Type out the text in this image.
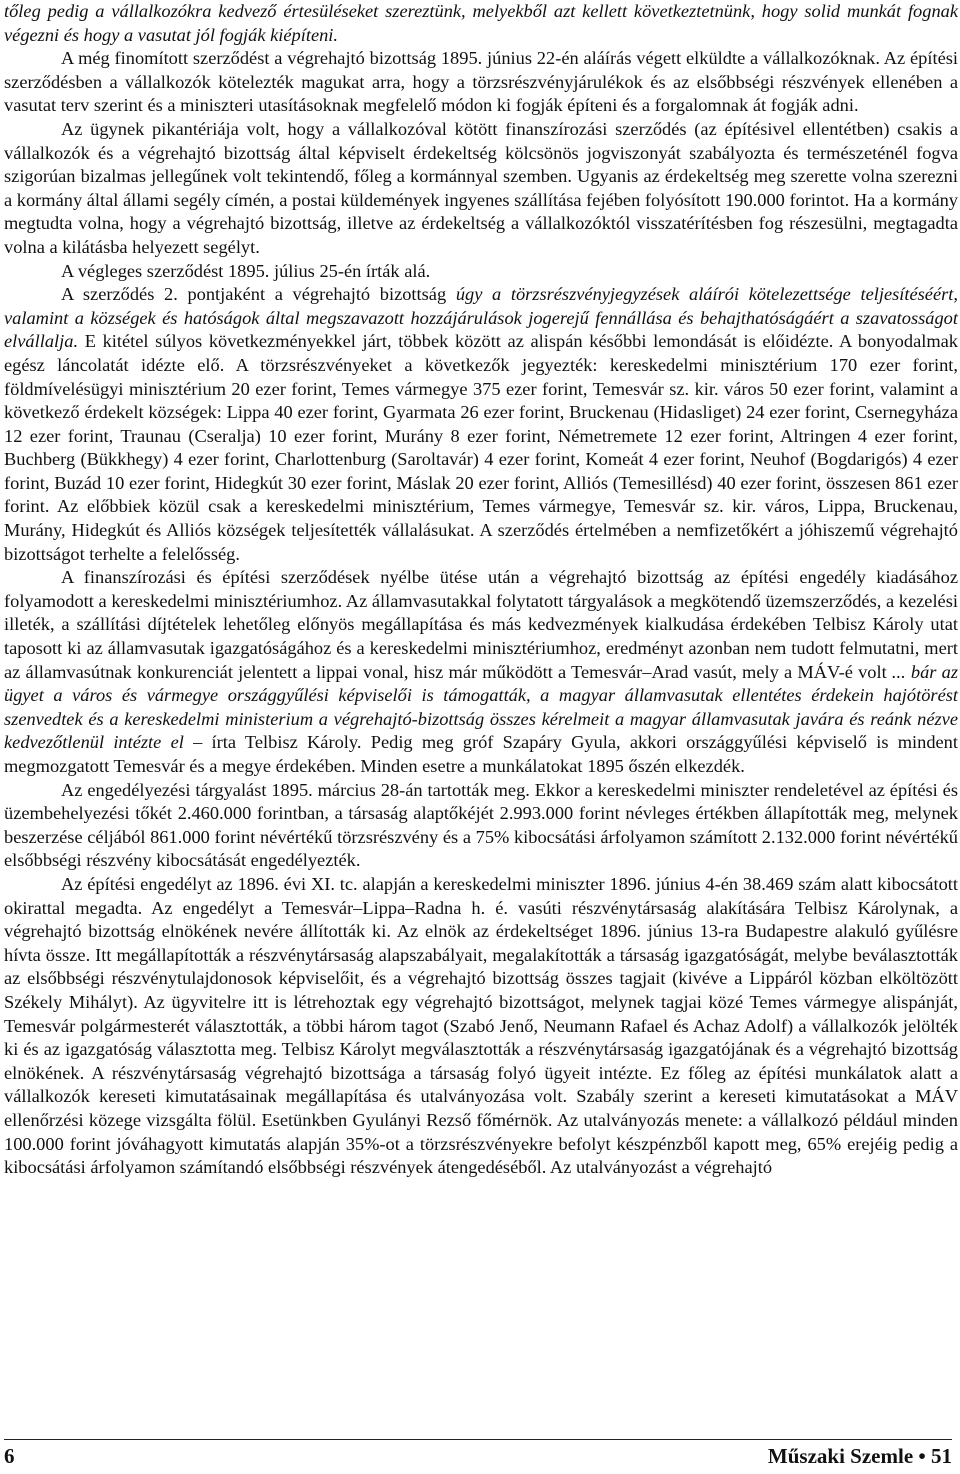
tőleg pedig a vállalkozókra kedvező értesüléseket szereztünk, melyekből azt kellett következtetnünk, hogy solid munkát fognak végezni és hogy a vasutat jól fogják kiépíteni.

A még finomított szerződést a végrehajtó bizottság 1895. június 22-én aláírás végett elküldte a vállalkozóknak. Az építési szerződésben a vállalkozók kötelezték magukat arra, hogy a törzsrészvényjárulékok és az elsőbbségi részvények ellenében a vasutat terv szerint és a miniszteri utasításoknak megfelelő módon ki fogják építeni és a forgalomnak át fogják adni.

Az ügynek pikantériája volt, hogy a vállalkozóval kötött finanszírozási szerződés (az építésivel ellentétben) csakis a vállalkozók és a végrehajtó bizottság által képviselt érdekeltség kölcsönös jogviszonyát szabályozta és természeténél fogva szigorúan bizalmas jellegűnek volt tekintendő, főleg a kormánnyal szemben. Ugyanis az érdekeltség meg szerette volna szerezni a kormány által állami segély címén, a postai küldemények ingyenes szállítása fejében folyósított 190.000 forintot. Ha a kormány megtudta volna, hogy a végrehajtó bizottság, illetve az érdekeltség a vállalkozóktól visszatérítésben fog részesülni, megtagadta volna a kilátásba helyezett segélyt.

A végleges szerződést 1895. július 25-én írták alá.

A szerződés 2. pontjaként a végrehajtó bizottság úgy a törzsrészvényjegyzések aláírói kötelezettsége teljesítéséért, valamint a községek és hatóságok által megszavazott hozzájárulások jogerejű fennállása és behajthatóságáért a szavatosságot elvállalja. E kitétel súlyos következményekkel járt, többek között az alispán későbbi lemondását is előidézte. A bonyodalmak egész láncolatát idézte elő. A törzsrészvényeket a következők jegyezték: kereskedelmi minisztérium 170 ezer forint, földmívelésügyi minisztérium 20 ezer forint, Temes vármegye 375 ezer forint, Temesvár sz. kir. város 50 ezer forint, valamint a következő érdekelt községek: Lippa 40 ezer forint, Gyarmata 26 ezer forint, Bruckenau (Hidasliget) 24 ezer forint, Csernegyháza 12 ezer forint, Traunau (Cseralja) 10 ezer forint, Murány 8 ezer forint, Németremete 12 ezer forint, Altringen 4 ezer forint, Buchberg (Bükkhegy) 4 ezer forint, Charlottenburg (Saroltavár) 4 ezer forint, Komeát 4 ezer forint, Neuhof (Bogdarigós) 4 ezer forint, Buzád 10 ezer forint, Hidegkút 30 ezer forint, Máslak 20 ezer forint, Alliós (Temesillésd) 40 ezer forint, összesen 861 ezer forint. Az előbbiek közül csak a kereskedelmi minisztérium, Temes vármegye, Temesvár sz. kir. város, Lippa, Bruckenau, Murány, Hidegkút és Alliós községek teljesítették vállalásukat. A szerződés értelmében a nemfizetőkért a jóhiszemű végrehajtó bizottságot terhelte a felelősség.

A finanszírozási és építési szerződések nyélbe ütése után a végrehajtó bizottság az építési engedély kiadásához folyamodott a kereskedelmi minisztériumhoz. Az államvasutakkal folytatott tárgyalások a megkötendő üzemszerződés, a kezelési illeték, a szállítási díjtételek lehetőleg előnyös megállapítása és más kedvezmények kialkudása érdekében Telbisz Károly utat taposott ki az államvasutak igazgatóságához és a kereskedelmi minisztériumhoz, eredményt azonban nem tudott felmutatni, mert az államvasútnak konkurenciát jelentett a lippai vonal, hisz már működött a Temesvár–Arad vasút, mely a MÁV-é volt ... bár az ügyet a város és vármegye országgyűlési képviselői is támogatták, a magyar államvasutak ellentétes érdekein hajótörést szenvedtek és a kereskedelmi ministerium a végrehajtó-bizottság összes kérelmeit a magyar államvasutak javára és reánk nézve kedvezőtlenül intézte el – írta Telbisz Károly. Pedig meg gróf Szapáry Gyula, akkori országgyűlési képviselő is mindent megmozgatott Temesvár és a megye érdekében. Minden esetre a munkálatokat 1895 őszén elkezdék.

Az engedélyezési tárgyalást 1895. március 28-án tartották meg. Ekkor a kereskedelmi miniszter rendeletével az építési és üzembehelyezési tőkét 2.460.000 forintban, a társaság alaptőkéjét 2.993.000 forint névleges értékben állapították meg, melynek beszerzése céljából 861.000 forint névértékű törzsrészvény és a 75% kibocsátási árfolyamon számított 2.132.000 forint névértékű elsőbbségi részvény kibocsátását engedélyezték.

Az építési engedélyt az 1896. évi XI. tc. alapján a kereskedelmi miniszter 1896. június 4-én 38.469 szám alatt kibocsátott okirattal megadta. Az engedélyt a Temesvár–Lippa–Radna h. é. vasúti részvénytársaság alakítására Telbisz Károlynak, a végrehajtó bizottság elnökének nevére állították ki. Az elnök az érdekeltséget 1896. június 13-ra Budapestre alakuló gyűlésre hívta össze. Itt megállapították a részvénytársaság alapszabályait, megalakították a társaság igazgatóságát, melybe beválasztották az elsőbbségi részvénytulajdonosok képviselőit, és a végrehajtó bizottság összes tagjait (kivéve a Lippáról közban elköltözött Székely Mihályt). Az ügyvitelre itt is létrehoztak egy végrehajtó bizottságot, melynek tagjai közé Temes vármegye alispánját, Temesvár polgármesterét választották, a többi három tagot (Szabó Jenő, Neumann Rafael és Achaz Adolf) a vállalkozók jelölték ki és az igazgatóság választotta meg. Telbisz Károlyt megválasztották a részvénytársaság igazgatójának és a végrehajtó bizottság elnökének. A részvénytársaság végrehajtó bizottsága a társaság folyó ügyeit intézte. Ez főleg az építési munkálatok alatt a vállalkozók kereseti kimutatásainak megállapítása és utalványozása volt. Szabály szerint a kereseti kimutatásokat a MÁV ellenőrzési közege vizsgálta fölül. Esetünkben Gyulányi Rezső főmérnök. Az utalványozás menete: a vállalkozó például minden 100.000 forint jóváhagyott kimutatás alapján 35%-ot a törzsrészvényekre befolyt készpénzből kapott meg, 65% erejéig pedig a kibocsátási árfolyamon számítandó elsőbbségi részvények átengedéséből. Az utalványozást a végrehajtó

6	Műszaki Szemle • 51
